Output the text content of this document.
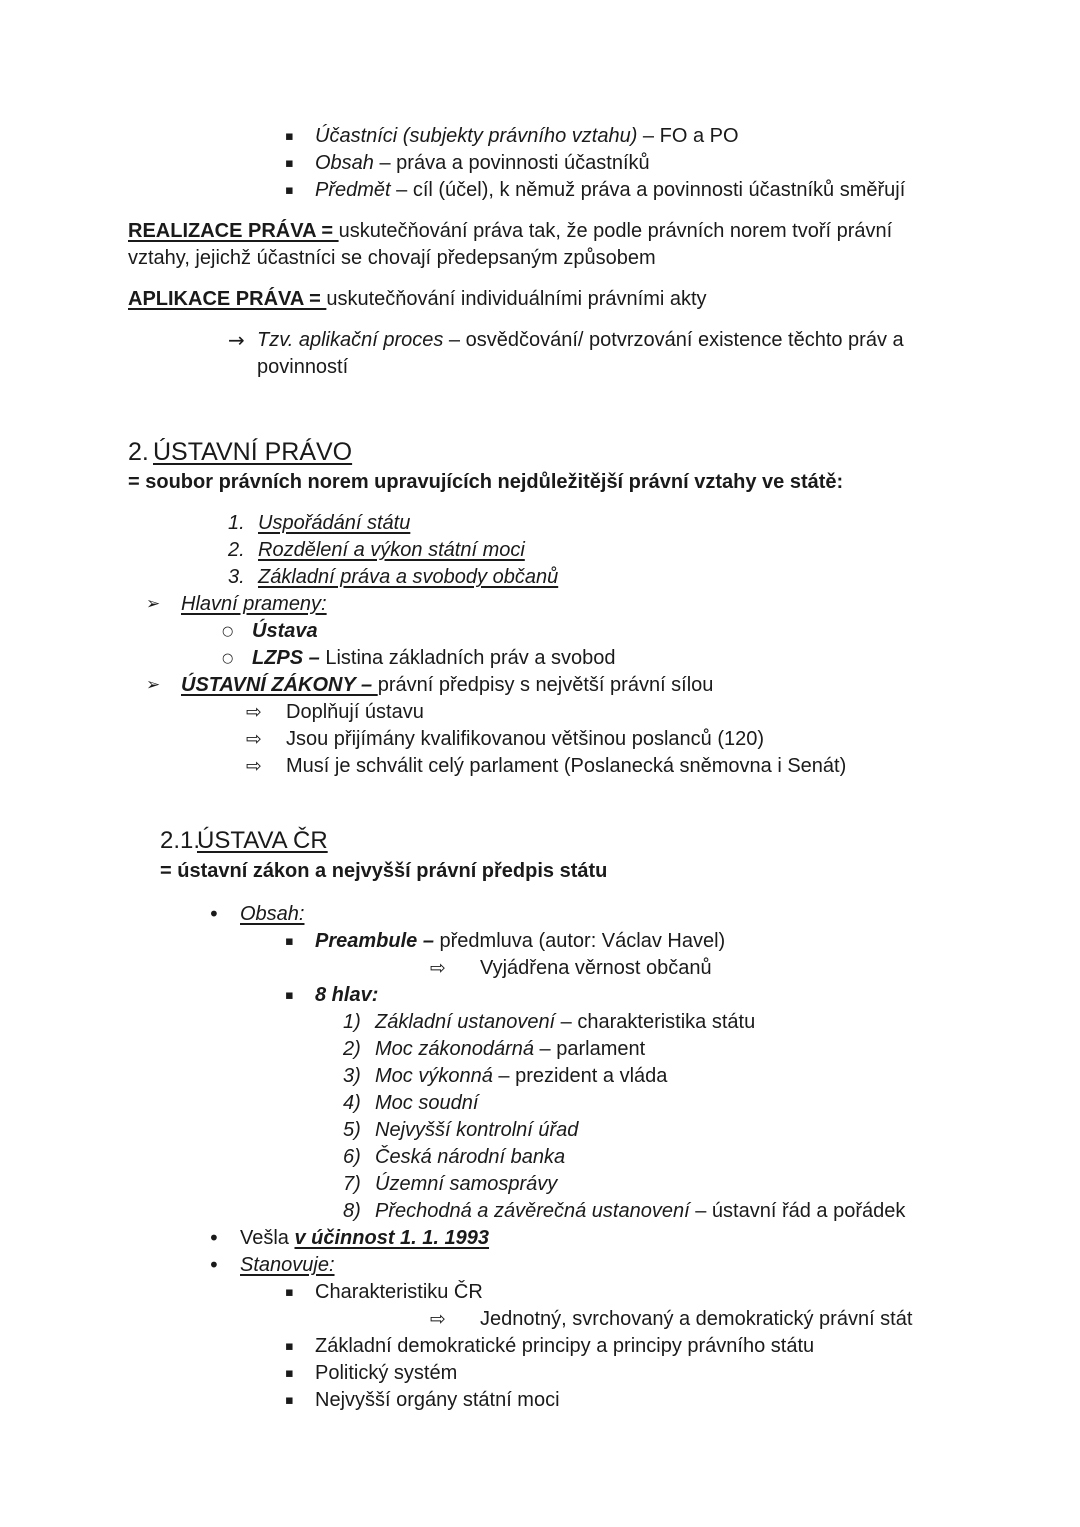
▪ Účastníci (subjekty právního vztahu) – FO a PO
▪ Obsah – práva a povinnosti účastníků
▪ Předmět – cíl (účel), k němuž práva a povinnosti účastníků směřují
REALIZACE PRÁVA = uskutečňování práva tak, že podle právních norem tvoří právní vztahy, jejichž účastníci se chovají předepsaným způsobem
APLIKACE PRÁVA = uskutečňování individuálními právními akty
→ Tzv. aplikační proces – osvědčování/ potvrzování existence těchto práv a povinností
2. ÚSTAVNÍ PRÁVO
= soubor právních norem upravujících nejdůležitější právní vztahy ve státě:
1. Uspořádání státu
2. Rozdělení a výkon státní moci
3. Základní práva a svobody občanů
➢ Hlavní prameny:
○ Ústava
○ LZPS – Listina základních práv a svobod
➢ ÚSTAVNÍ ZÁKONY – právní předpisy s největší právní sílou
⇨ Doplňují ústavu
⇨ Jsou přijímány kvalifikovanou většinou poslanců (120)
⇨ Musí je schválit celý parlament (Poslanecká sněmovna i Senát)
2.1.
ÚSTAVA ČR
= ústavní zákon a nejvyšší právní předpis státu
• Obsah:
▪ Preambule – předmluva (autor: Václav Havel)
⇨ Vyjádřena věrnost občanů
▪ 8 hlav:
1) Základní ustanovení – charakteristika státu
2) Moc zákonodárná – parlament
3) Moc výkonná – prezident a vláda
4) Moc soudní
5) Nejvyšší kontrolní úřad
6) Česká národní banka
7) Územní samosprávy
8) Přechodná a závěrečná ustanovení – ústavní řád a pořádek
• Vešla v účinnost 1. 1. 1993
• Stanovuje:
▪ Charakteristiku ČR
⇨ Jednotný, svrchovaný a demokratický právní stát
▪ Základní demokratické principy a principy právního státu
▪ Politický systém
▪ Nejvyšší orgány státní moci
